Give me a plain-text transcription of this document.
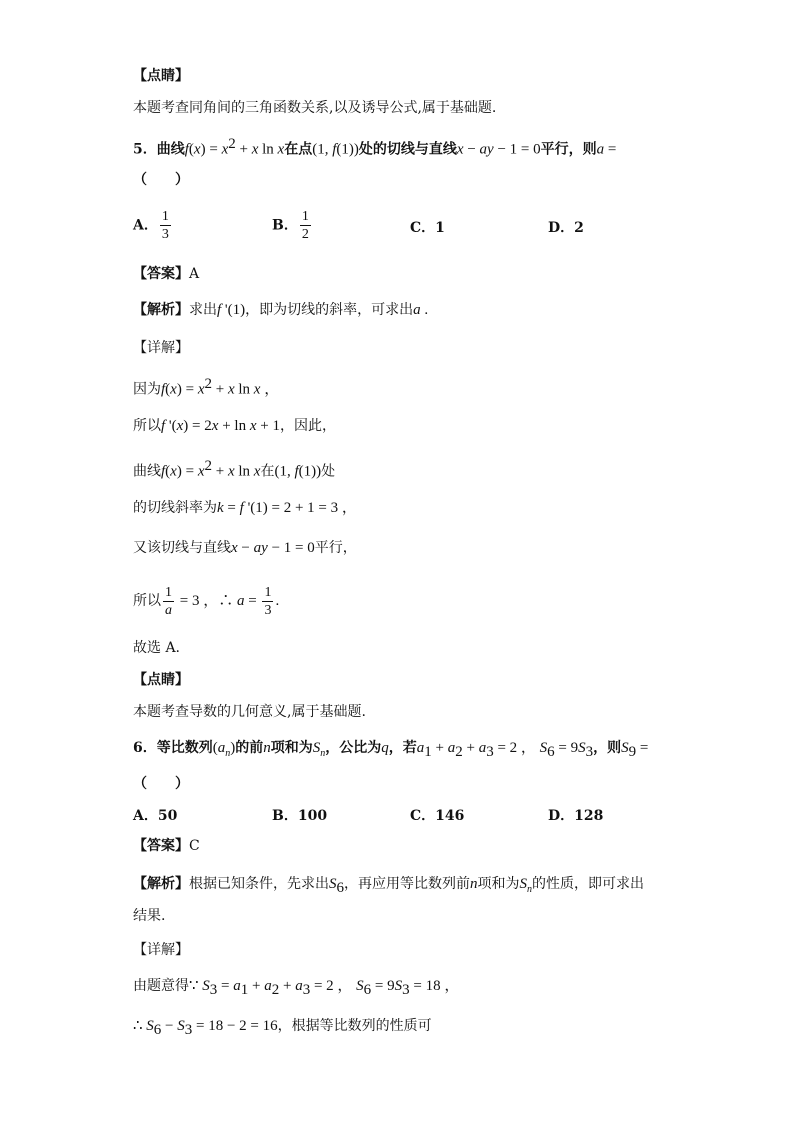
【点睛】
本题考查同角间的三角函数关系,以及诱导公式,属于基础题.
5．曲线$f(x) = x^2 + x$ ln x在点(1, f(1))处的切线与直线x − ay − 1 = 0平行，则a =
（　　）
A． $\frac{1}{3}$	B． $\frac{1}{2}$	C．1	D．2
【答案】A
【解析】求出f '(1)，即为切线的斜率，可求出a .
【详解】
因为$f(x) = x^2 + x$ ln x ，
所以f '(x) = 2x + ln x + 1，因此，
曲线$f(x) = x^2 + x$ ln x在(1, f(1))处
的切线斜率为k = f '(1) = 2 + 1 = 3 ，
又该切线与直线x − ay − 1 = 0平行，
所以 $\frac{1}{a} = 3$ ，∴ $a = \frac{1}{3}$ .
故选 A.
【点睛】
本题考查导数的几何意义,属于基础题.
6．等比数列$(a_n)$的前n项和为$S_n$，公比为q，若$a_1 + a_2 + a_3 = 2$ ， $S_6 = 9S_3$，则$S_9$ =
（　　）
A．50	B．100	C．146	D．128
【答案】C
【解析】根据已知条件，先求出$S_6$，再应用等比数列前n项和为$S_n$的性质，即可求出
结果.
【详解】
由题意得∵ $S_3 = a_1 + a_2 + a_3 = 2$ ， $S_6 = 9S_3 = 18$ ，
∴ $S_6 - S_3 = 18 - 2 = 16$，根据等比数列的性质可
